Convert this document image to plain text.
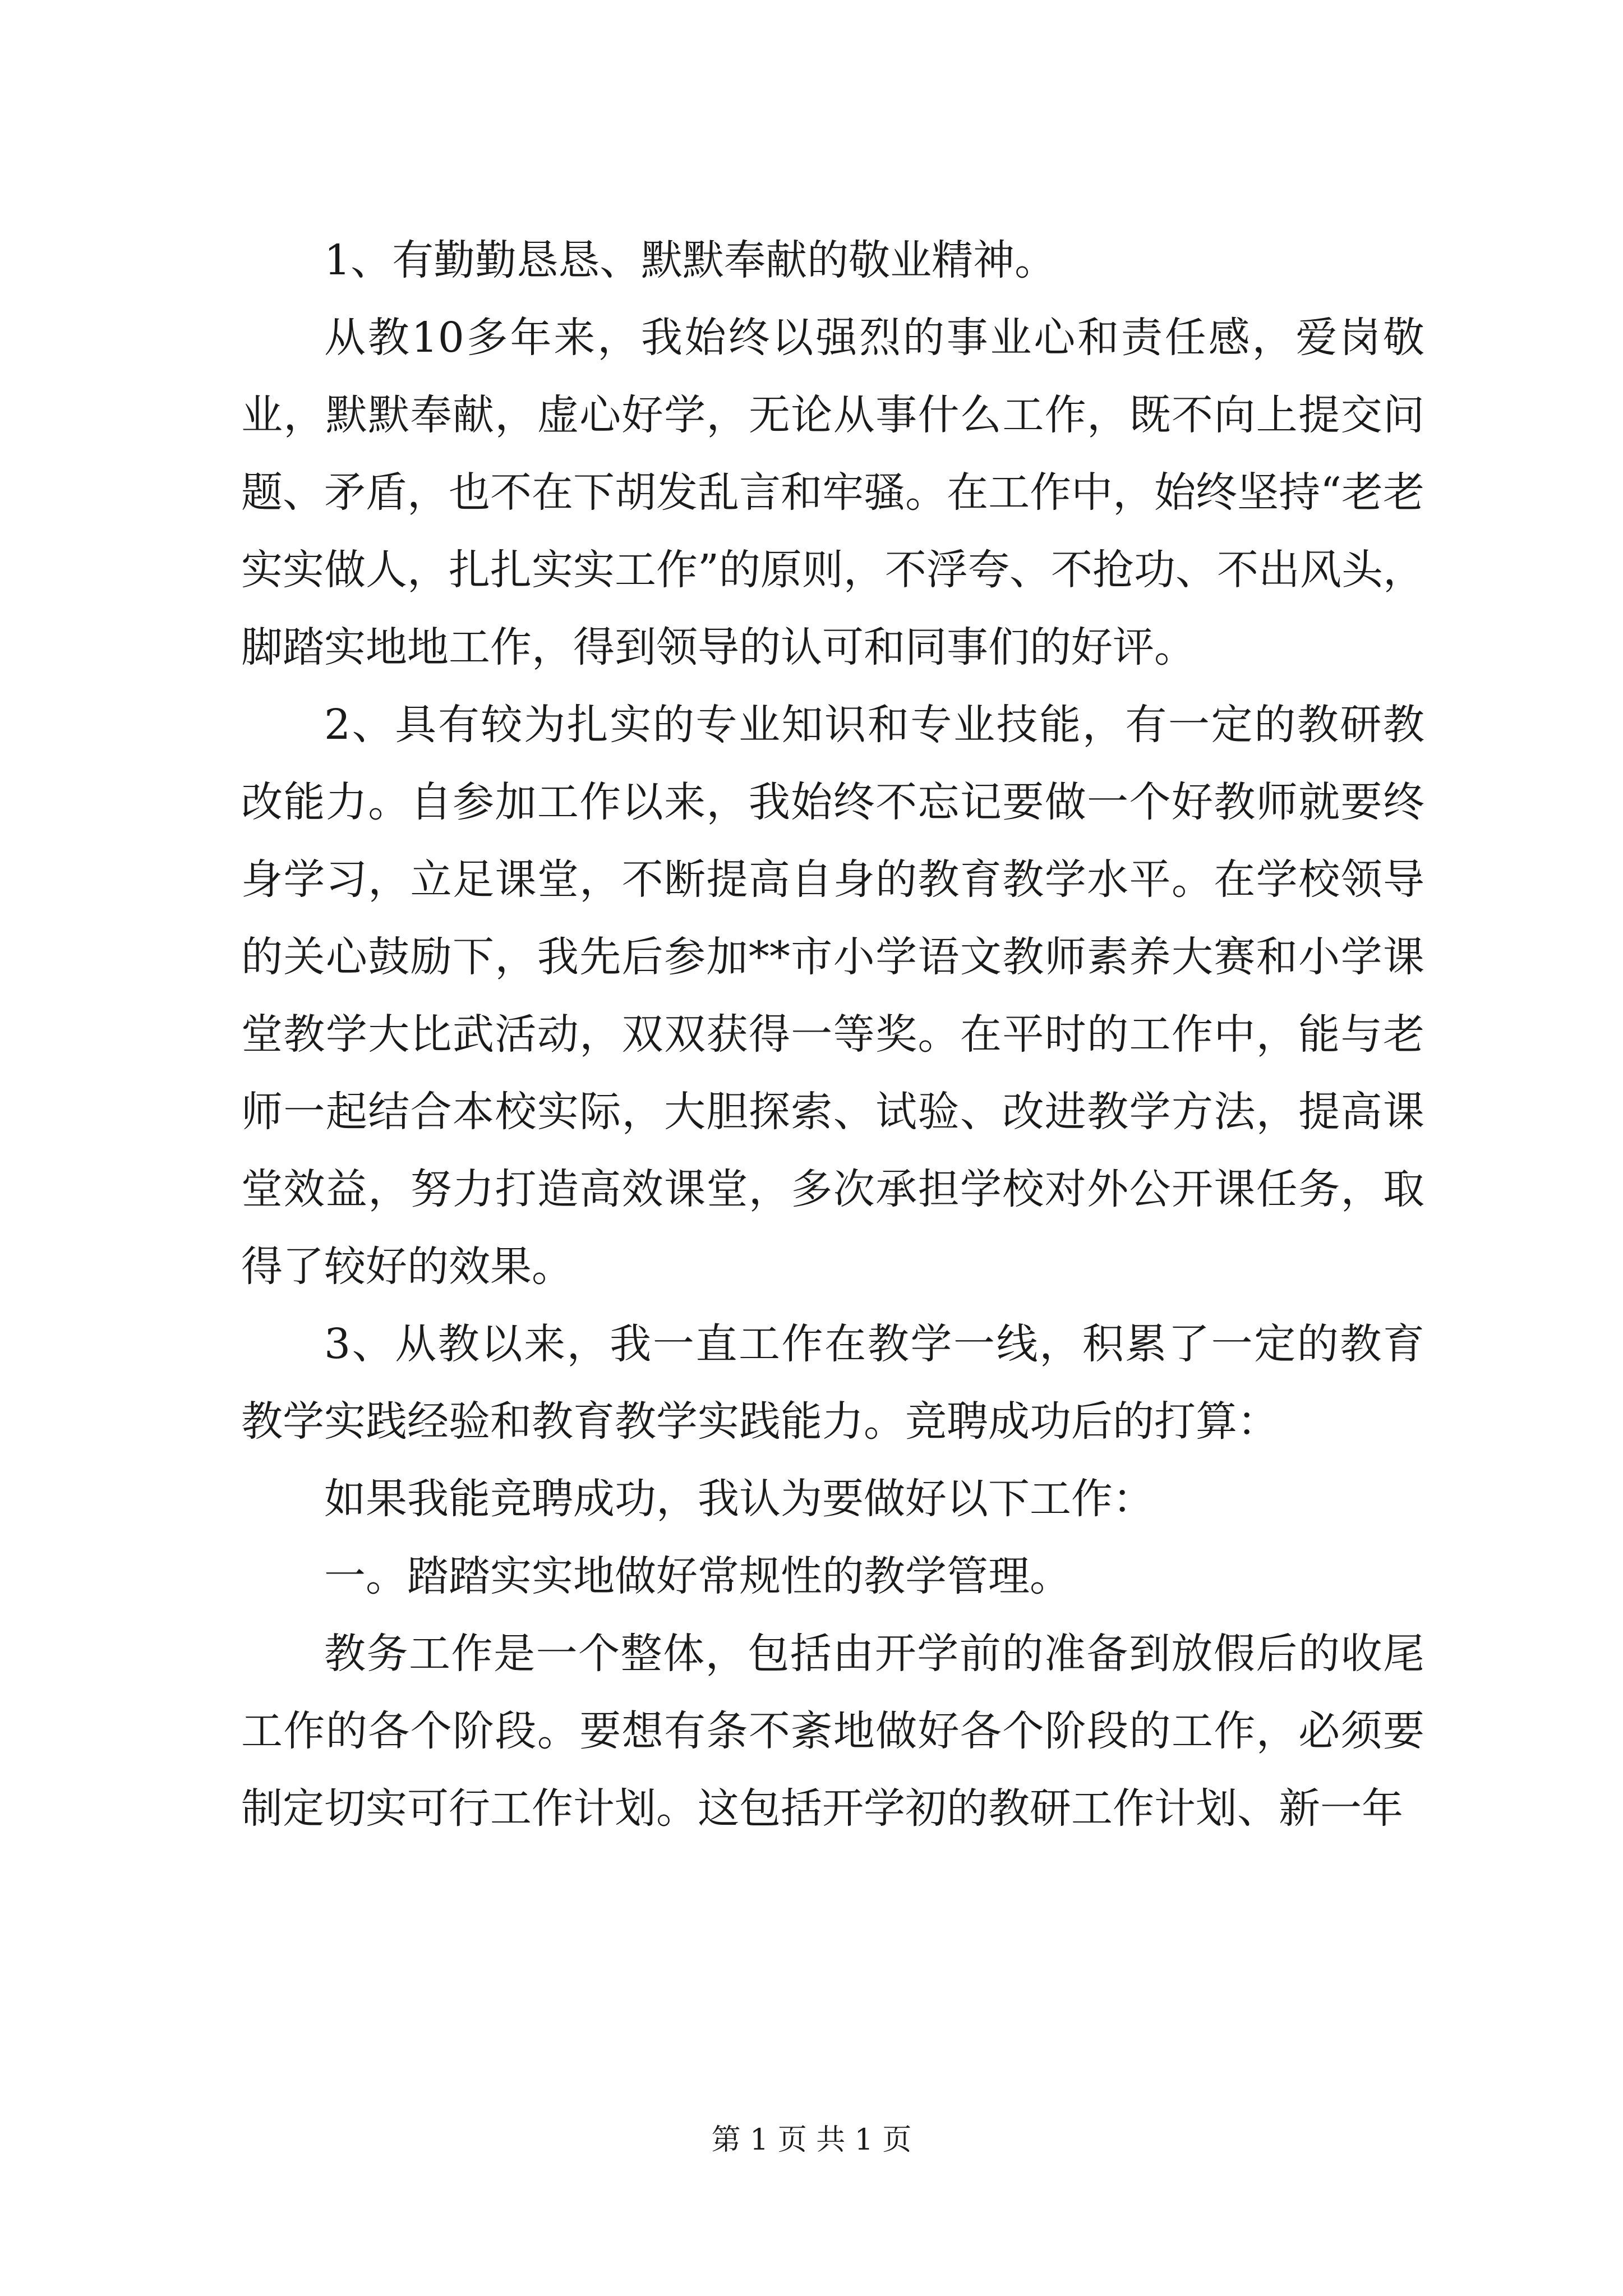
1、有勤勤恳恳、默默奉献的敬业精神。

从教10多年来，我始终以强烈的事业心和责任感，爱岗敬业，默默奉献，虚心好学，无论从事什么工作，既不向上提交问题、矛盾，也不在下胡发乱言和牢骚。在工作中，始终坚持“老老实实做人，扎扎实实工作”的原则，不浮夸、不抢功、不出风头，脚踏实地地工作，得到领导的认可和同事们的好评。

2、具有较为扎实的专业知识和专业技能，有一定的教研教改能力。自参加工作以来，我始终不忘记要做一个好教师就要终身学习，立足课堂，不断提高自身的教育教学水平。在学校领导的关心鼓励下，我先后参加**市小学语文教师素养大赛和小学课堂教学大比武活动，双双获得一等奖。在平时的工作中，能与老师一起结合本校实际，大胆探索、试验、改进教学方法，提高课堂效益，努力打造高效课堂，多次承担学校对外公开课任务，取得了较好的效果。

3、从教以来，我一直工作在教学一线，积累了一定的教育教学实践经验和教育教学实践能力。竞聘成功后的打算：

如果我能竞聘成功，我认为要做好以下工作：

一。踏踏实实地做好常规性的教学管理。

教务工作是一个整体，包括由开学前的准备到放假后的收尾工作的各个阶段。要想有条不紊地做好各个阶段的工作，必须要制定切实可行工作计划。这包括开学初的教研工作计划、新一年

第 1 页 共 1 页
